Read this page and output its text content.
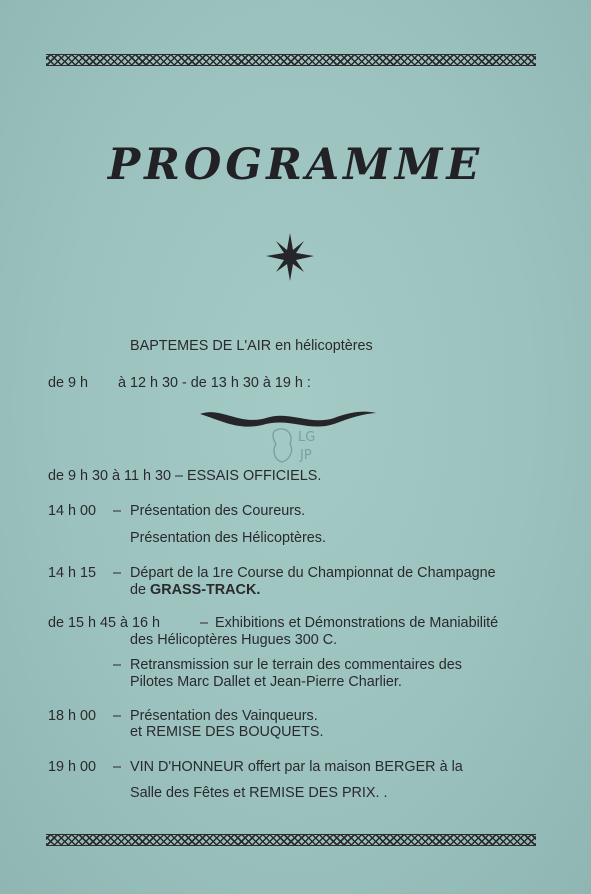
PROGRAMME
BAPTEMES DE L'AIR en hélicoptères
de 9 h à 12 h 30 - de 13 h 30 à 19 h :
LG
JP
de 9 h 30 à 11 h 30 – ESSAIS OFFICIELS.
14 h 00 – Présentation des Coureurs.
Présentation des Hélicoptères.
14 h 15 – Départ de la 1re Course du Championnat de Champagne
de GRASS-TRACK.
de 15 h 45 à 16 h	– Exhibitions et Démonstrations de Maniabilité
des Hélicoptères Hugues 300 C.
– Retransmission sur le terrain des commentaires des
Pilotes Marc Dallet et Jean-Pierre Charlier.
18 h 00 – Présentation des Vainqueurs.
et REMISE DES BOUQUETS.
19 h 00 – VIN D'HONNEUR offert par la maison BERGER à la
Salle des Fêtes et REMISE DES PRIX. .
